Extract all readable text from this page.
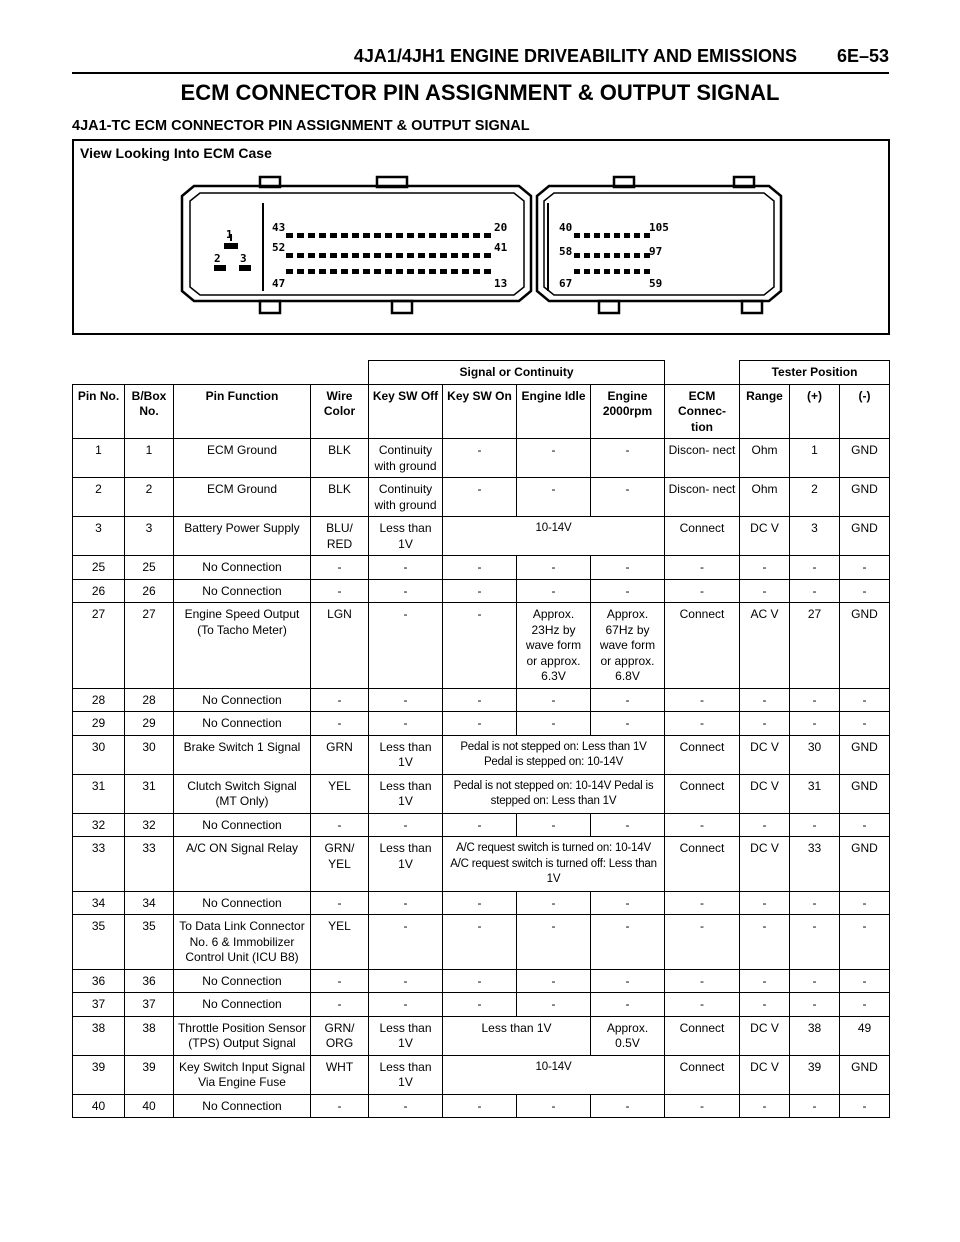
4JA1/4JH1 ENGINE DRIVEABILITY AND EMISSIONS 6E–53
ECM CONNECTOR PIN ASSIGNMENT & OUTPUT SIGNAL
4JA1-TC ECM CONNECTOR PIN ASSIGNMENT & OUTPUT SIGNAL
View Looking Into ECM Case
1
2 3
43
52
47
20
41
13
40
58
67
105
97
59
				Signal or Continuity					Tester Position		
Pin No.	B/Box No.	Pin Function	Wire Color	Key SW Off	Key SW On	Engine Idle	Engine 2000rpm	ECM Connec- tion	Range	(+)	(-)
1	1	ECM Ground	BLK	Continuity with ground	-	-	-	Discon- nect	Ohm	1	GND
2	2	ECM Ground	BLK	Continuity with ground	-	-	-	Discon- nect	Ohm	2	GND
3	3	Battery Power Supply	BLU/ RED	Less than 1V	10-14V			Connect	DC V	3	GND
25	25	No Connection	-	-	-	-	-	-	-	-	-
26	26	No Connection	-	-	-	-	-	-	-	-	-
27	27	Engine Speed Output (To Tacho Meter)	LGN	-	-	Approx. 23Hz by wave form or approx. 6.3V	Approx. 67Hz by wave form or approx. 6.8V	Connect	AC V	27	GND
28	28	No Connection	-	-	-	-	-	-	-	-	-
29	29	No Connection	-	-	-	-	-	-	-	-	-
30	30	Brake Switch 1 Signal	GRN	Less than 1V	Pedal is not stepped on: Less than 1V Pedal is stepped on: 10-14V			Connect	DC V	30	GND
31	31	Clutch Switch Signal (MT Only)	YEL	Less than 1V	Pedal is not stepped on: 10-14V Pedal is stepped on: Less than 1V			Connect	DC V	31	GND
32	32	No Connection	-	-	-	-	-	-	-	-	-
33	33	A/C ON Signal Relay	GRN/ YEL	Less than 1V	A/C request switch is turned on: 10-14V A/C request switch is turned off: Less than 1V			Connect	DC V	33	GND
34	34	No Connection	-	-	-	-	-	-	-	-	-
35	35	To Data Link Connector No. 6 & Immobilizer Control Unit (ICU B8)	YEL	-	-	-	-	-	-	-	-
36	36	No Connection	-	-	-	-	-	-	-	-	-
37	37	No Connection	-	-	-	-	-	-	-	-	-
38	38	Throttle Position Sensor (TPS) Output Signal	GRN/ ORG	Less than 1V	Less than 1V		Approx. 0.5V	Connect	DC V	38	49
39	39	Key Switch Input Signal Via Engine Fuse	WHT	Less than 1V	10-14V			Connect	DC V	39	GND
40	40	No Connection	-	-	-	-	-	-	-	-	-
